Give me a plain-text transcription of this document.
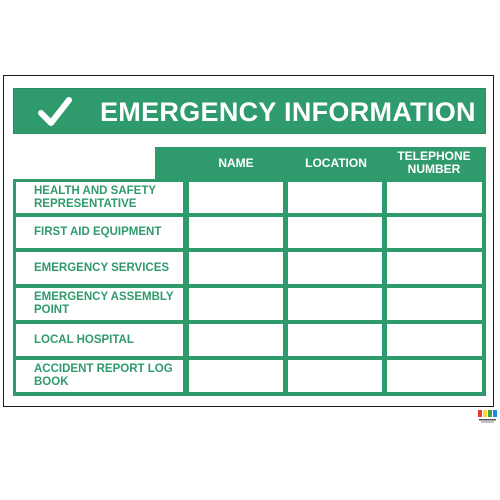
EMERGENCY INFORMATION
NAME	LOCATION	TELEPHONE NUMBER
HEALTH AND SAFETY REPRESENTATIVE
FIRST AID EQUIPMENT
EMERGENCY SERVICES
EMERGENCY ASSEMBLY POINT
LOCAL HOSPITAL
ACCIDENT REPORT LOG BOOK
